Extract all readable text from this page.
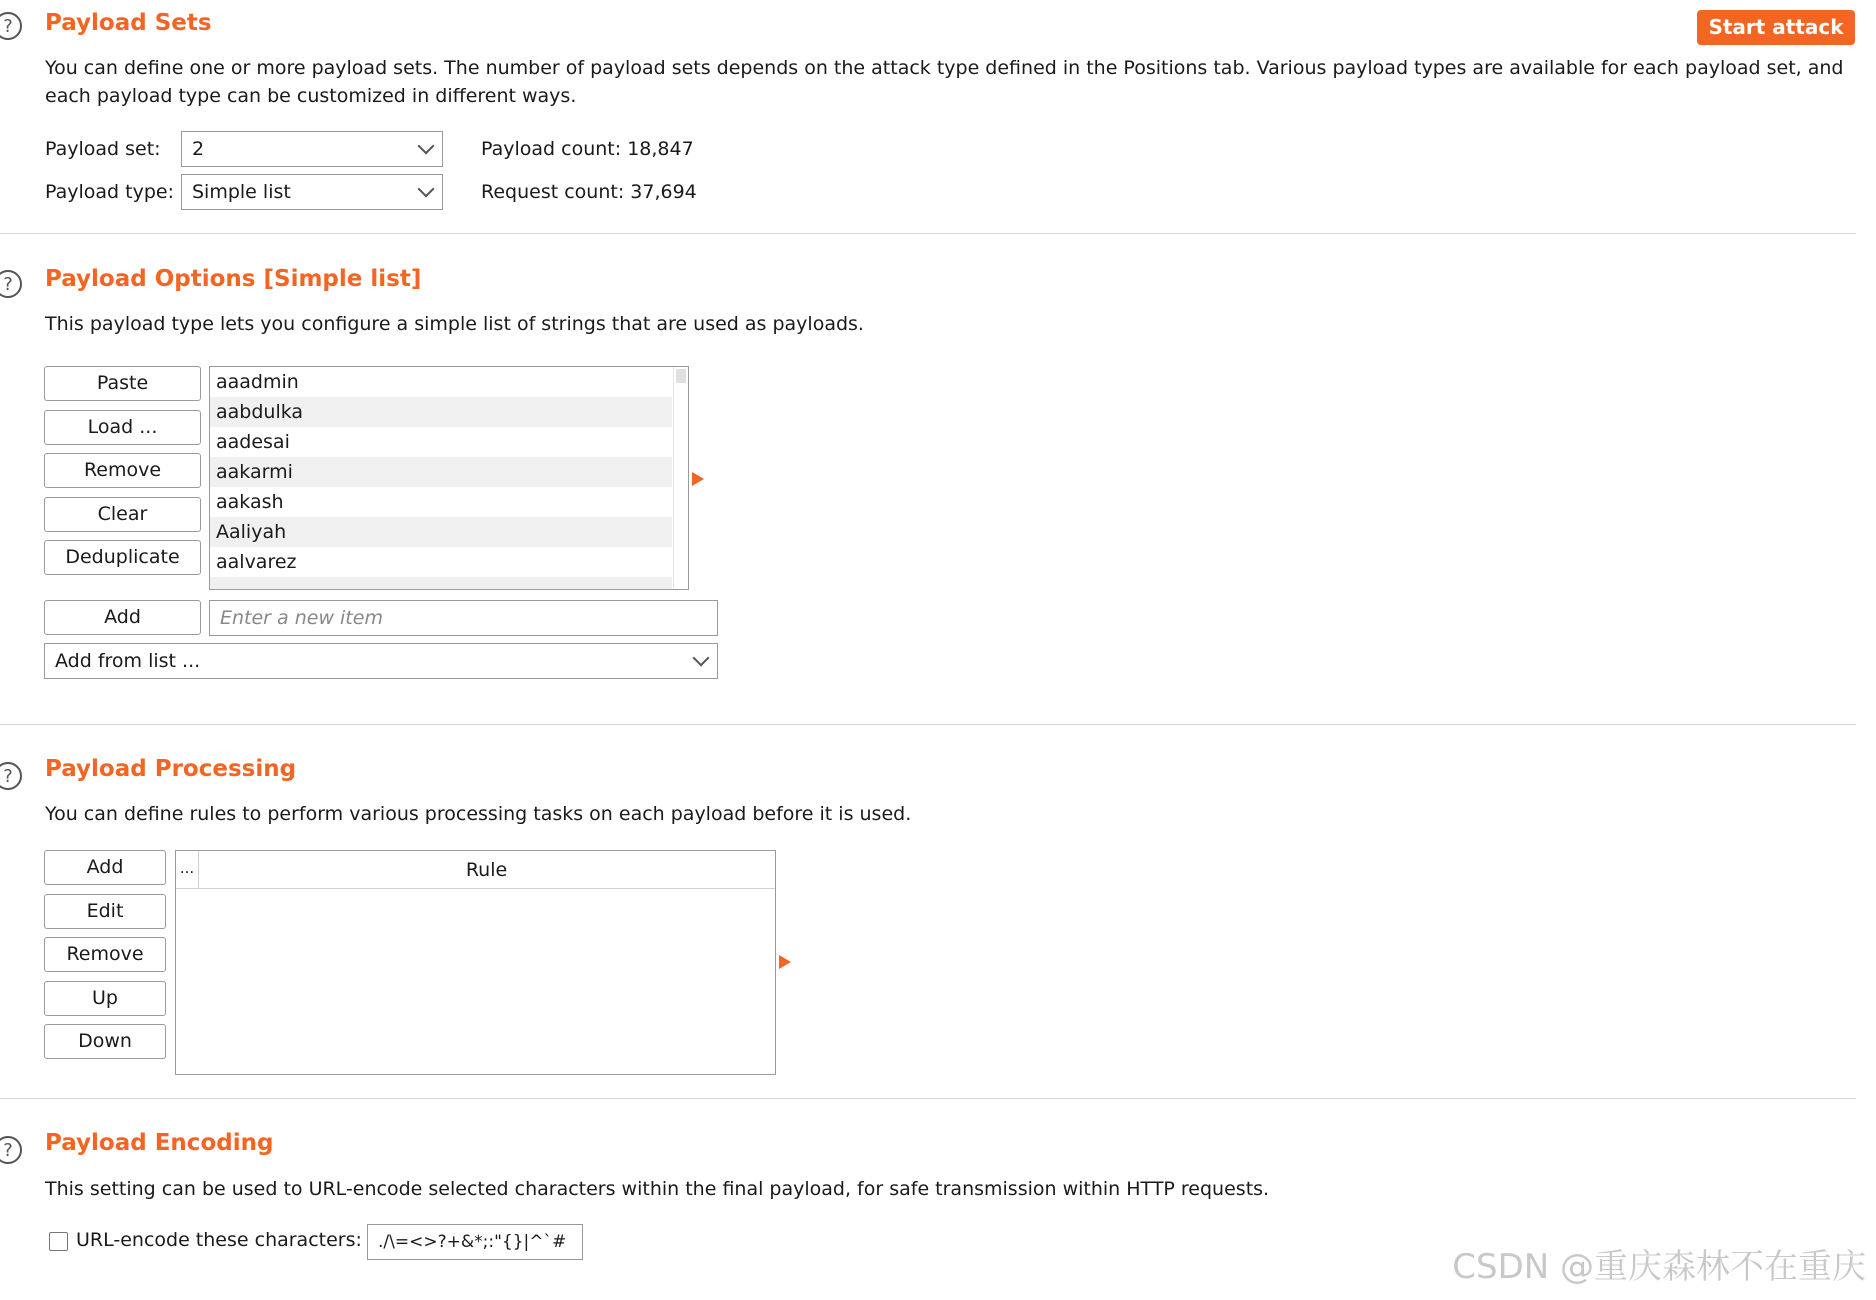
?	Payload Sets	Start attack
You can define one or more payload sets. The number of payload sets depends on the attack type defined in the Positions tab. Various payload types are available for each payload set, and
each payload type can be customized in different ways.
Payload set:	2	Payload count: 18,847
Payload type: Simple list	Request count: 37,694
?	Payload Options [Simple list]
This payload type lets you configure a simple list of strings that are used as payloads.
Paste
Load ...
Remove
Clear
Deduplicate
aaadmin
aabdulka
aadesai
aakarmi
aakash
Aaliyah
aalvarez
Add	Enter a new item
Add from list ...
?	Payload Processing
You can define rules to perform various processing tasks on each payload before it is used.
Add
Edit
Remove
Up
Down
...	Rule
?	Payload Encoding
This setting can be used to URL-encode selected characters within the final payload, for safe transmission within HTTP requests.
URL-encode these characters: ./\=<>?+&*;:"{}|^`#
CSDN @重庆森林不在重庆
